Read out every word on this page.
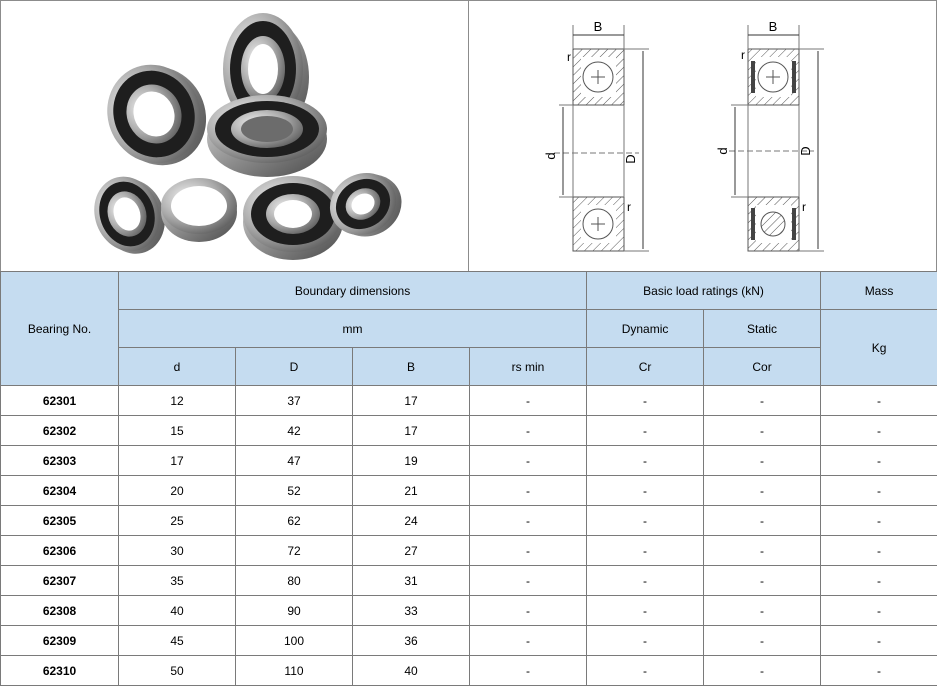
B
D
d
r
r
B
D
d
r
r
Bearing No.	Boundary dimensions				Basic load ratings (kN)		Mass
	mm				Dynamic	Static	Kg
	d	D	B	rs min	Cr	Cor	
62301	12	37	17	-	-	-	-
62302	15	42	17	-	-	-	-
62303	17	47	19	-	-	-	-
62304	20	52	21	-	-	-	-
62305	25	62	24	-	-	-	-
62306	30	72	27	-	-	-	-
62307	35	80	31	-	-	-	-
62308	40	90	33	-	-	-	-
62309	45	100	36	-	-	-	-
62310	50	110	40	-	-	-	-
